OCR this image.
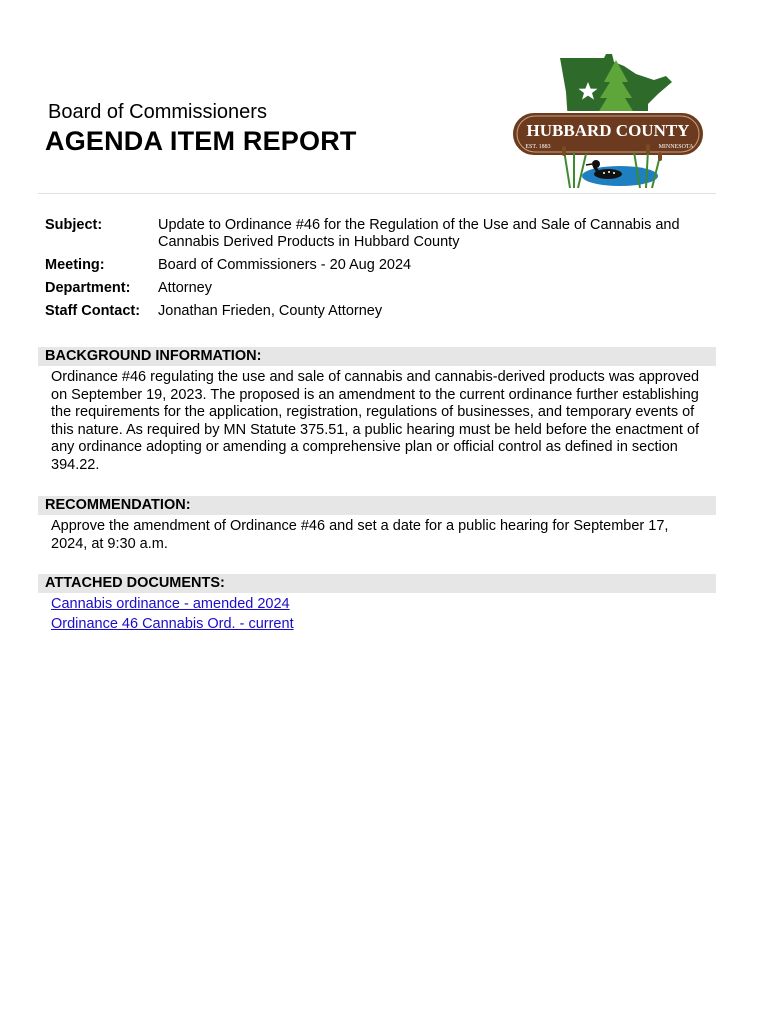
Board of Commissioners
AGENDA ITEM REPORT	HUBBARD COUNTY
EST. 1883	MINNESOTA
Subject:	Update to Ordinance #46 for the Regulation of the Use and Sale of Cannabis and Cannabis Derived Products in Hubbard County
Meeting:	Board of Commissioners - 20 Aug 2024
Department:	Attorney
Staff Contact:	Jonathan Frieden, County Attorney
BACKGROUND INFORMATION:
Ordinance #46 regulating the use and sale of cannabis and cannabis-derived products was approved on September 19, 2023. The proposed is an amendment to the current ordinance further establishing the requirements for the application, registration, regulations of businesses, and temporary events of this nature. As required by MN Statute 375.51, a public hearing must be held before the enactment of any ordinance adopting or amending a comprehensive plan or official control as defined in section 394.22.
RECOMMENDATION:
Approve the amendment of Ordinance #46 and set a date for a public hearing for September 17, 2024, at 9:30 a.m.
ATTACHED DOCUMENTS:
Cannabis ordinance - amended 2024
Ordinance 46 Cannabis Ord. - current
